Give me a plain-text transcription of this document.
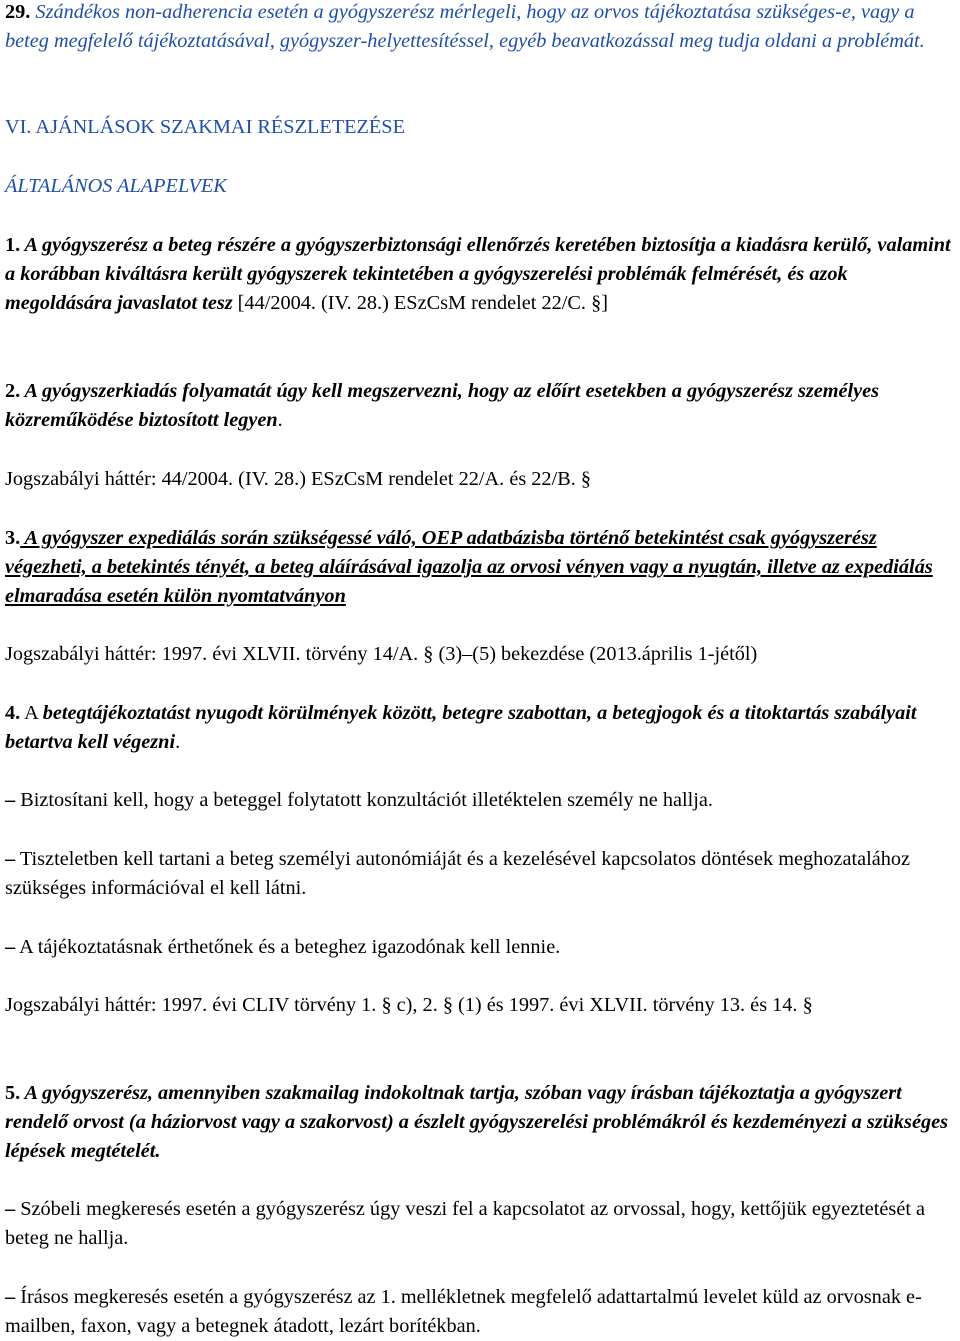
29. Szándékos non-adherencia esetén a gyógyszerész mérlegeli, hogy az orvos tájékoztatása szükséges-e, vagy a beteg megfelelő tájékoztatásával, gyógyszer-helyettesítéssel, egyéb beavatkozással meg tudja oldani a problémát.

VI. AJÁNLÁSOK SZAKMAI RÉSZLETEZÉSE

ÁLTALÁNOS ALAPELVEK

1. A gyógyszerész a beteg részére a gyógyszerbiztonsági ellenőrzés keretében biztosítja a kiadásra kerülő, valamint a korábban kiváltásra került gyógyszerek tekintetében a gyógyszerelési problémák felmérését, és azok megoldására javaslatot tesz [44/2004. (IV. 28.) ESzCsM rendelet 22/C. §]

2. A gyógyszerkiadás folyamatát úgy kell megszervezni, hogy az előírt esetekben a gyógyszerész személyes közreműködése biztosított legyen.

Jogszabályi háttér: 44/2004. (IV. 28.) ESzCsM rendelet 22/A. és 22/B. §

3. A gyógyszer expediálás során szükségessé váló, OEP adatbázisba történő betekintést csak gyógyszerész végezheti, a betekintés tényét, a beteg aláírásával igazolja az orvosi vényen vagy a nyugtán, illetve az expediálás elmaradása esetén külön nyomtatványon

Jogszabályi háttér: 1997. évi XLVII. törvény 14/A. § (3)–(5) bekezdése (2013.április 1-jétől)

4. A betegtájékoztatást nyugodt körülmények között, betegre szabottan, a betegjogok és a titoktartás szabályait betartva kell végezni.

– Biztosítani kell, hogy a beteggel folytatott konzultációt illetéktelen személy ne hallja.

– Tiszteletben kell tartani a beteg személyi autonómiáját és a kezelésével kapcsolatos döntések meghozatalához szükséges információval el kell látni.

– A tájékoztatásnak érthetőnek és a beteghez igazodónak kell lennie.

Jogszabályi háttér: 1997. évi CLIV törvény 1. § c), 2. § (1) és 1997. évi XLVII. törvény 13. és 14. §

5. A gyógyszerész, amennyiben szakmailag indokoltnak tartja, szóban vagy írásban tájékoztatja a gyógyszert rendelő orvost (a háziorvost vagy a szakorvost) a észlelt gyógyszerelési problémákról és kezdeményezi a szükséges lépések megtételét.

– Szóbeli megkeresés esetén a gyógyszerész úgy veszi fel a kapcsolatot az orvossal, hogy, kettőjük egyeztetését a beteg ne hallja.

– Írásos megkeresés esetén a gyógyszerész az 1. mellékletnek megfelelő adattartalmú levelet küld az orvosnak e-mailben, faxon, vagy a betegnek átadott, lezárt borítékban.
